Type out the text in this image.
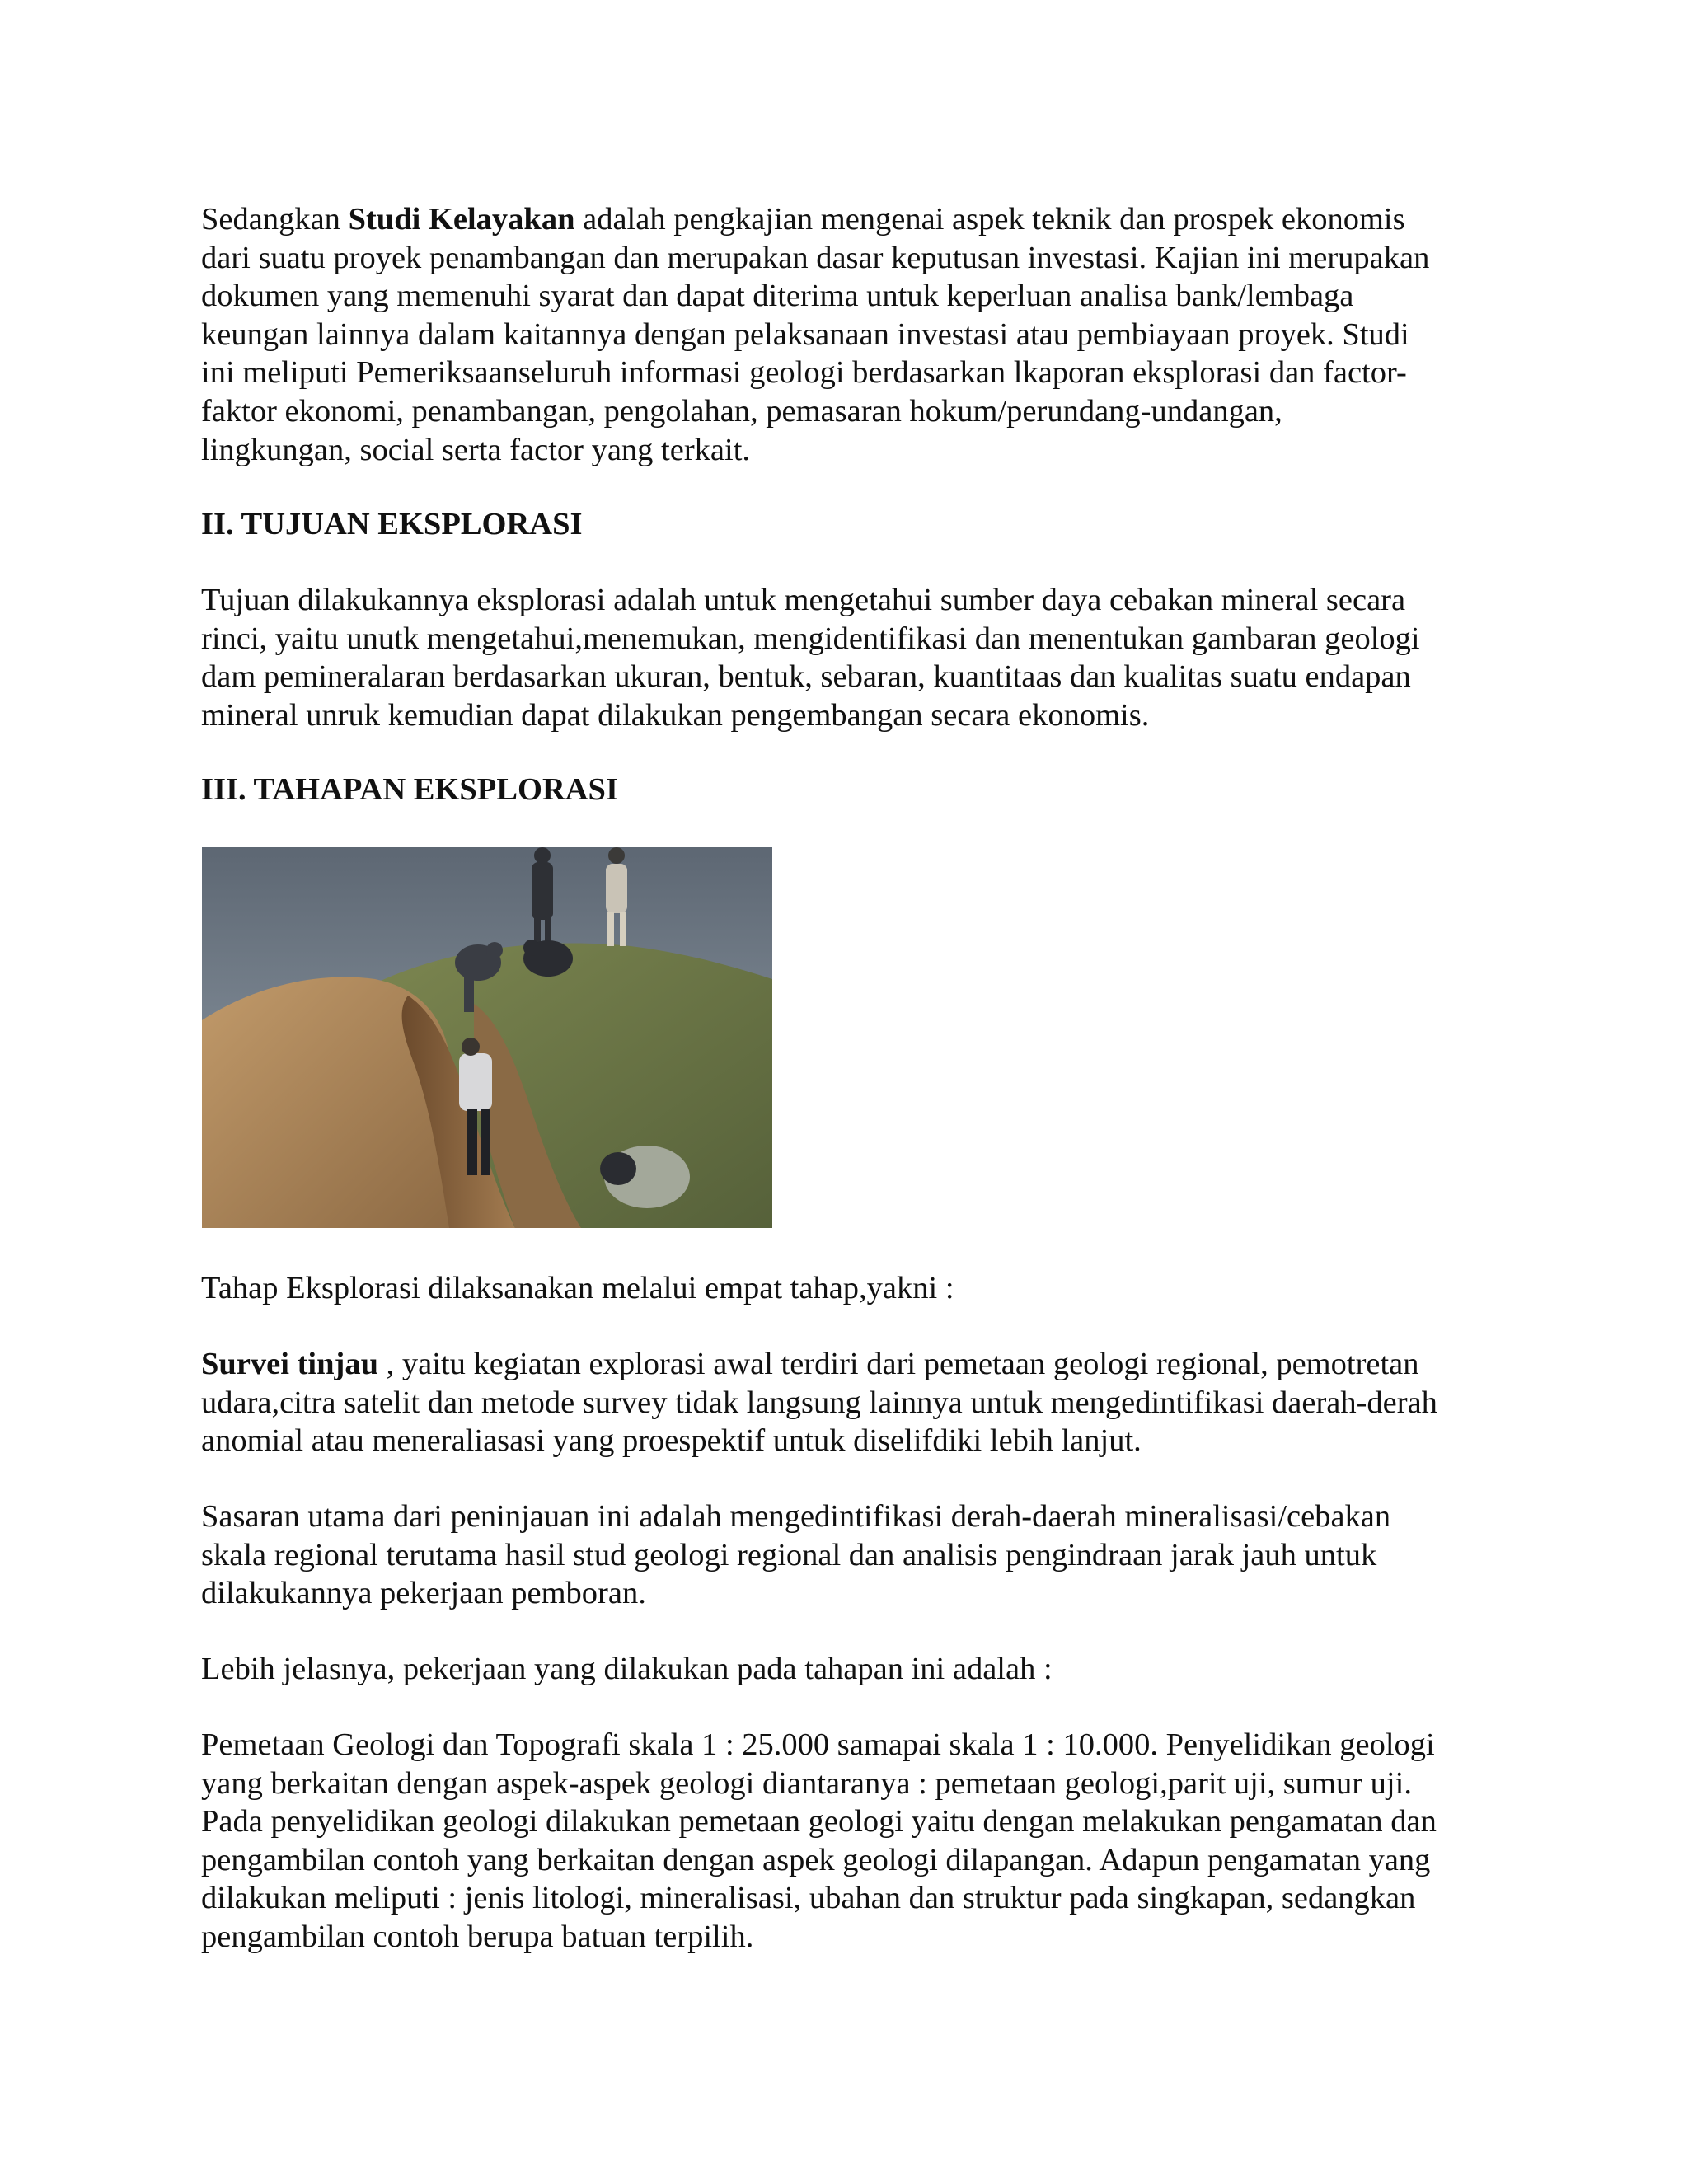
Sedangkan Studi Kelayakan adalah pengkajian mengenai aspek teknik dan prospek ekonomis
dari suatu proyek penambangan dan merupakan dasar keputusan investasi. Kajian ini merupakan
dokumen yang memenuhi syarat dan dapat diterima untuk keperluan analisa bank/lembaga
keungan lainnya dalam kaitannya dengan pelaksanaan investasi atau pembiayaan proyek. Studi
ini meliputi Pemeriksaanseluruh informasi geologi berdasarkan lkaporan eksplorasi dan factor-
faktor ekonomi, penambangan, pengolahan, pemasaran hokum/perundang-undangan,
lingkungan, social serta factor yang terkait.
II. TUJUAN EKSPLORASI
Tujuan dilakukannya eksplorasi adalah untuk mengetahui sumber daya cebakan mineral secara
rinci, yaitu unutk mengetahui,menemukan, mengidentifikasi dan menentukan gambaran geologi
dam pemineralaran berdasarkan ukuran, bentuk, sebaran, kuantitaas dan kualitas suatu endapan
mineral unruk kemudian dapat dilakukan pengembangan secara ekonomis.
III. TAHAPAN EKSPLORASI
Tahap Eksplorasi dilaksanakan melalui empat tahap,yakni :
Survei tinjau , yaitu kegiatan explorasi awal terdiri dari pemetaan geologi regional, pemotretan
udara,citra satelit dan metode survey tidak langsung lainnya untuk mengedintifikasi daerah-derah
anomial atau meneraliasasi yang proespektif untuk diselifdiki lebih lanjut.
Sasaran utama dari peninjauan ini adalah mengedintifikasi derah-daerah mineralisasi/cebakan
skala regional terutama hasil stud geologi regional dan analisis pengindraan jarak jauh untuk
dilakukannya pekerjaan pemboran.
Lebih jelasnya, pekerjaan yang dilakukan pada tahapan ini adalah :
Pemetaan Geologi dan Topografi skala 1 : 25.000 samapai skala 1 : 10.000. Penyelidikan geologi
yang berkaitan dengan aspek-aspek geologi diantaranya : pemetaan geologi,parit uji, sumur uji.
Pada penyelidikan geologi dilakukan pemetaan geologi yaitu dengan melakukan pengamatan dan
pengambilan contoh yang berkaitan dengan aspek geologi dilapangan. Adapun pengamatan yang
dilakukan meliputi : jenis litologi, mineralisasi, ubahan dan struktur pada singkapan, sedangkan
pengambilan contoh berupa batuan terpilih.
